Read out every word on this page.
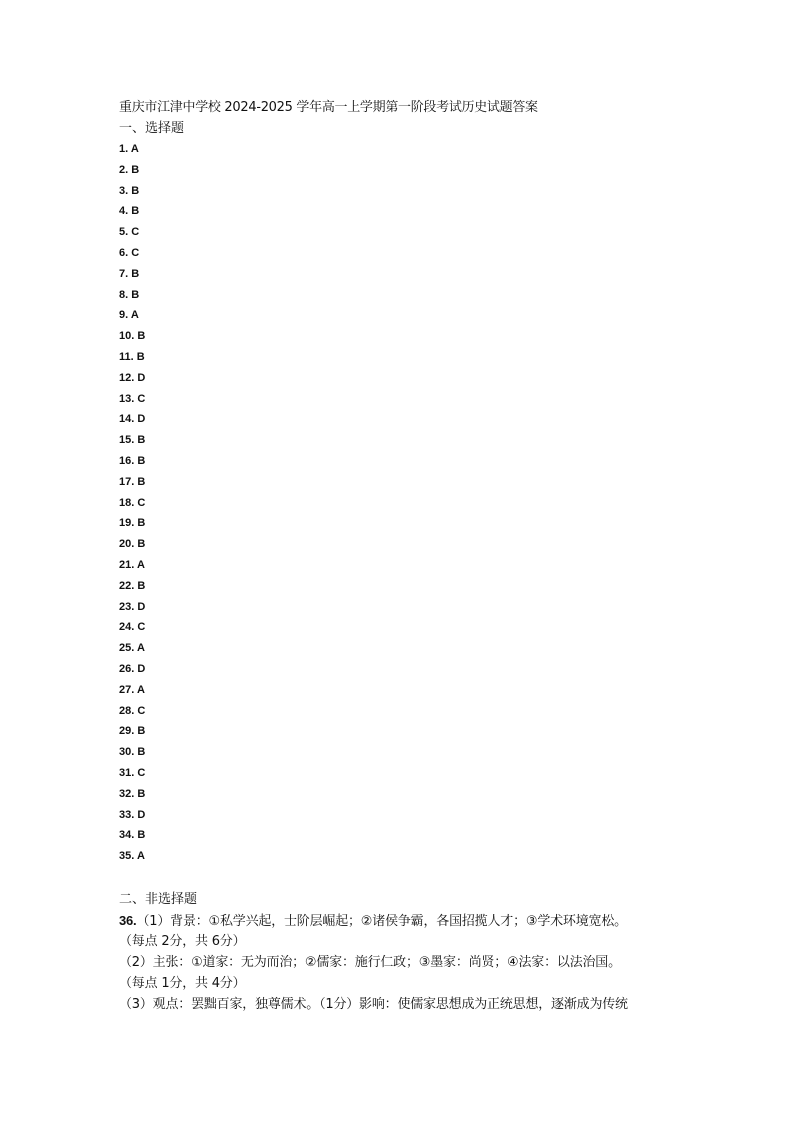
重庆市江津中学校 2024-2025 学年高一上学期第一阶段考试历史试题答案
一、选择题
1. A
2. B
3. B
4. B
5. C
6. C
7. B
8. B
9. A
10. B
11. B
12. D
13. C
14. D
15. B
16. B
17. B
18. C
19. B
20. B
21. A
22. B
23. D
24. C
25. A
26. D
27. A
28. C
29. B
30. B
31. C
32. B
33. D
34. B
35. A
二、非选择题
36.（1）背景：①私学兴起，士阶层崛起；②诸侯争霸，各国招揽人才；③学术环境宽松。
（每点 2分，共 6分）
（2）主张：①道家：无为而治；②儒家：施行仁政；③墨家：尚贤；④法家：以法治国。
（每点 1分，共 4分）
（3）观点：罢黜百家，独尊儒术。（1分）影响：使儒家思想成为正统思想，逐渐成为传统
